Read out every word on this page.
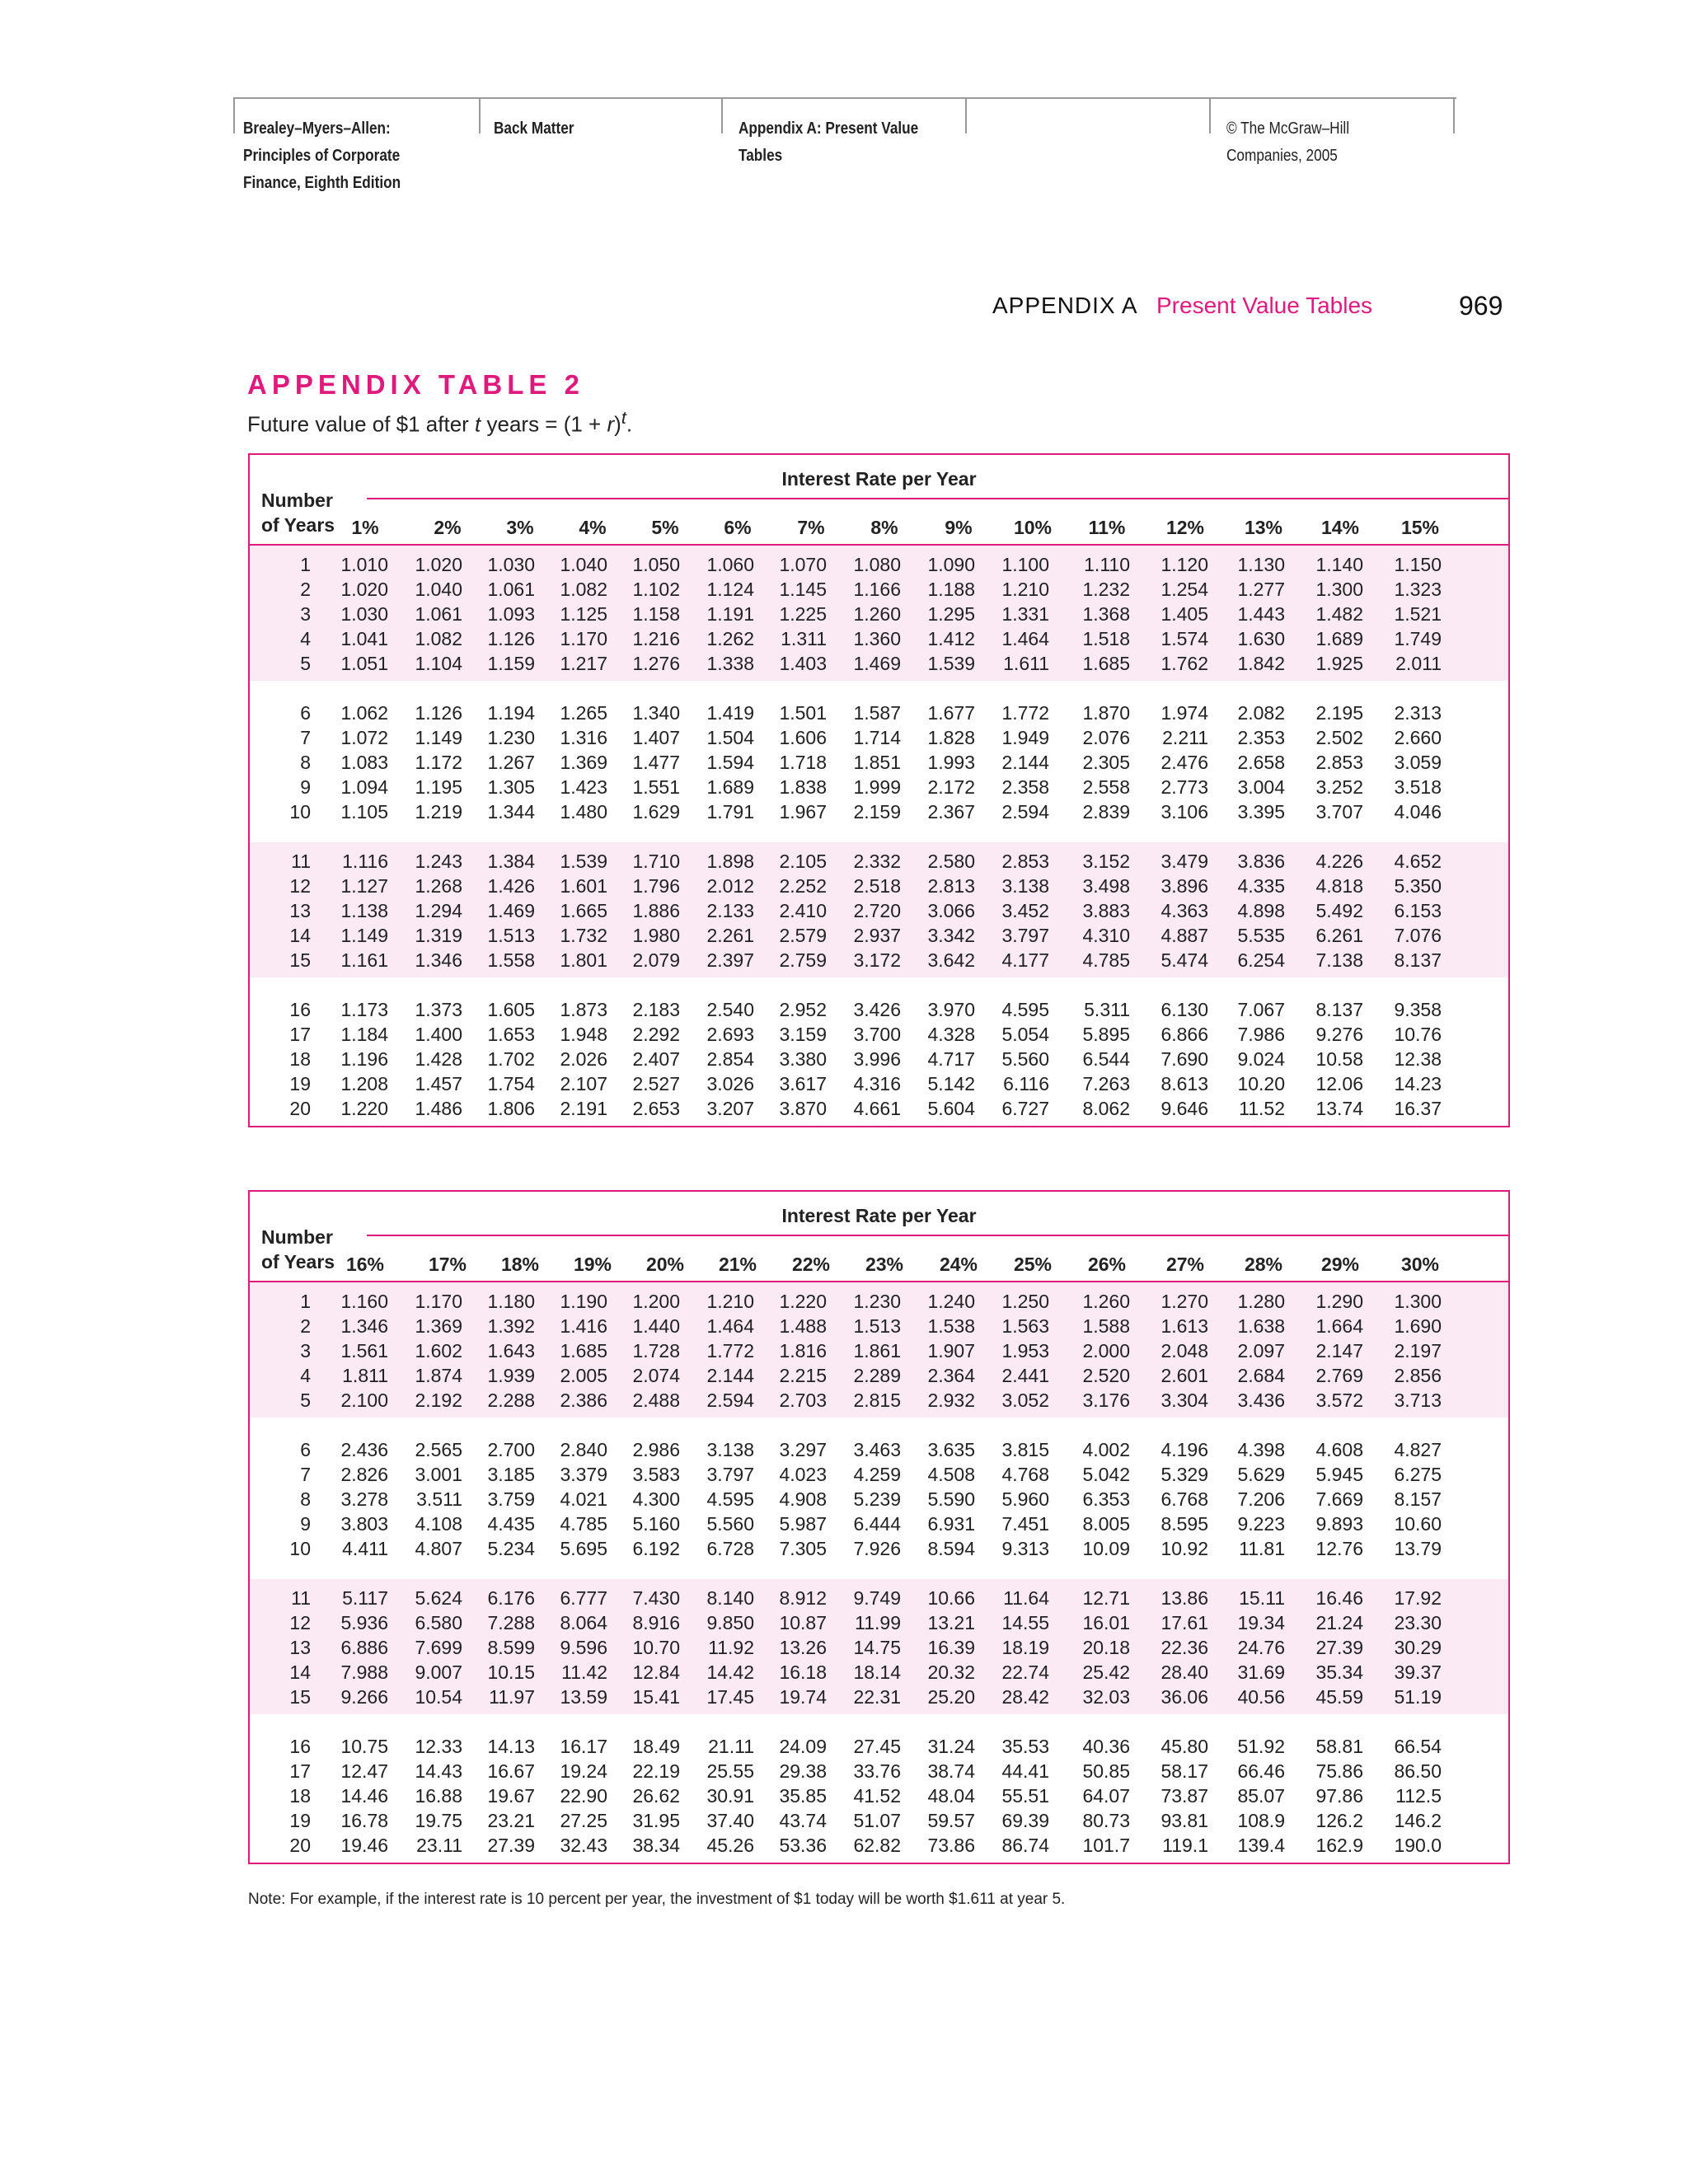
Brealey–Myers–Allen:
Principles of Corporate
Finance, Eighth Edition
Back Matter	Appendix A: Present Value
Tables
© The McGraw–Hill
Companies, 2005
APPENDIX A Present Value Tables	969
APPENDIX TABLE 2
Future value of $1 after t years = $(1 + r)^t$.
Interest Rate per Year
Number
of Years 1%	2%	3%	4%	5%	6%	7%	8%	9%	10%	11%	12%	13%	14%	15%
1	1.010	1.020	1.030	1.040	1.050	1.060	1.070	1.080	1.090	1.100	1.110	1.120	1.130	1.140	1.150
2	1.020	1.040	1.061	1.082	1.102	1.124	1.145	1.166	1.188	1.210	1.232	1.254	1.277	1.300	1.323
3	1.030	1.061	1.093	1.125	1.158	1.191	1.225	1.260	1.295	1.331	1.368	1.405	1.443	1.482	1.521
4	1.041	1.082	1.126	1.170	1.216	1.262	1.311	1.360	1.412	1.464	1.518	1.574	1.630	1.689	1.749
5	1.051	1.104	1.159	1.217	1.276	1.338	1.403	1.469	1.539	1.611	1.685	1.762	1.842	1.925	2.011
6	1.062	1.126	1.194	1.265	1.340	1.419	1.501	1.587	1.677	1.772	1.870	1.974	2.082	2.195	2.313
7	1.072	1.149	1.230	1.316	1.407	1.504	1.606	1.714	1.828	1.949	2.076	2.211	2.353	2.502	2.660
8	1.083	1.172	1.267	1.369	1.477	1.594	1.718	1.851	1.993	2.144	2.305	2.476	2.658	2.853	3.059
9	1.094	1.195	1.305	1.423	1.551	1.689	1.838	1.999	2.172	2.358	2.558	2.773	3.004	3.252	3.518
10	1.105	1.219	1.344	1.480	1.629	1.791	1.967	2.159	2.367	2.594	2.839	3.106	3.395	3.707	4.046
11	1.116	1.243	1.384	1.539	1.710	1.898	2.105	2.332	2.580	2.853	3.152	3.479	3.836	4.226	4.652
12	1.127	1.268	1.426	1.601	1.796	2.012	2.252	2.518	2.813	3.138	3.498	3.896	4.335	4.818	5.350
13	1.138	1.294	1.469	1.665	1.886	2.133	2.410	2.720	3.066	3.452	3.883	4.363	4.898	5.492	6.153
14	1.149	1.319	1.513	1.732	1.980	2.261	2.579	2.937	3.342	3.797	4.310	4.887	5.535	6.261	7.076
15	1.161	1.346	1.558	1.801	2.079	2.397	2.759	3.172	3.642	4.177	4.785	5.474	6.254	7.138	8.137
16	1.173	1.373	1.605	1.873	2.183	2.540	2.952	3.426	3.970	4.595	5.311	6.130	7.067	8.137	9.358
17	1.184	1.400	1.653	1.948	2.292	2.693	3.159	3.700	4.328	5.054	5.895	6.866	7.986	9.276	10.76
18	1.196	1.428	1.702	2.026	2.407	2.854	3.380	3.996	4.717	5.560	6.544	7.690	9.024	10.58	12.38
19	1.208	1.457	1.754	2.107	2.527	3.026	3.617	4.316	5.142	6.116	7.263	8.613	10.20	12.06	14.23
20	1.220	1.486	1.806	2.191	2.653	3.207	3.870	4.661	5.604	6.727	8.062	9.646	11.52	13.74	16.37
Interest Rate per Year
Number
of Years 16%	17%	18%	19%	20%	21%	22%	23%	24%	25%	26%	27%	28%	29%	30%
1	1.160	1.170	1.180	1.190	1.200	1.210	1.220	1.230	1.240	1.250	1.260	1.270	1.280	1.290	1.300
2	1.346	1.369	1.392	1.416	1.440	1.464	1.488	1.513	1.538	1.563	1.588	1.613	1.638	1.664	1.690
3	1.561	1.602	1.643	1.685	1.728	1.772	1.816	1.861	1.907	1.953	2.000	2.048	2.097	2.147	2.197
4	1.811	1.874	1.939	2.005	2.074	2.144	2.215	2.289	2.364	2.441	2.520	2.601	2.684	2.769	2.856
5	2.100	2.192	2.288	2.386	2.488	2.594	2.703	2.815	2.932	3.052	3.176	3.304	3.436	3.572	3.713
6	2.436	2.565	2.700	2.840	2.986	3.138	3.297	3.463	3.635	3.815	4.002	4.196	4.398	4.608	4.827
7	2.826	3.001	3.185	3.379	3.583	3.797	4.023	4.259	4.508	4.768	5.042	5.329	5.629	5.945	6.275
8	3.278	3.511	3.759	4.021	4.300	4.595	4.908	5.239	5.590	5.960	6.353	6.768	7.206	7.669	8.157
9	3.803	4.108	4.435	4.785	5.160	5.560	5.987	6.444	6.931	7.451	8.005	8.595	9.223	9.893	10.60
10	4.411	4.807	5.234	5.695	6.192	6.728	7.305	7.926	8.594	9.313	10.09	10.92	11.81	12.76	13.79
11	5.117	5.624	6.176	6.777	7.430	8.140	8.912	9.749	10.66	11.64	12.71	13.86	15.11	16.46	17.92
12	5.936	6.580	7.288	8.064	8.916	9.850	10.87	11.99	13.21	14.55	16.01	17.61	19.34	21.24	23.30
13	6.886	7.699	8.599	9.596	10.70	11.92	13.26	14.75	16.39	18.19	20.18	22.36	24.76	27.39	30.29
14	7.988	9.007	10.15	11.42	12.84	14.42	16.18	18.14	20.32	22.74	25.42	28.40	31.69	35.34	39.37
15	9.266	10.54	11.97	13.59	15.41	17.45	19.74	22.31	25.20	28.42	32.03	36.06	40.56	45.59	51.19
16	10.75	12.33	14.13	16.17	18.49	21.11	24.09	27.45	31.24	35.53	40.36	45.80	51.92	58.81	66.54
17	12.47	14.43	16.67	19.24	22.19	25.55	29.38	33.76	38.74	44.41	50.85	58.17	66.46	75.86	86.50
18	14.46	16.88	19.67	22.90	26.62	30.91	35.85	41.52	48.04	55.51	64.07	73.87	85.07	97.86	112.5
19	16.78	19.75	23.21	27.25	31.95	37.40	43.74	51.07	59.57	69.39	80.73	93.81	108.9	126.2	146.2
20	19.46	23.11	27.39	32.43	38.34	45.26	53.36	62.82	73.86	86.74	101.7	119.1	139.4	162.9	190.0
Note: For example, if the interest rate is 10 percent per year, the investment of $1 today will be worth $1.611 at year 5.
